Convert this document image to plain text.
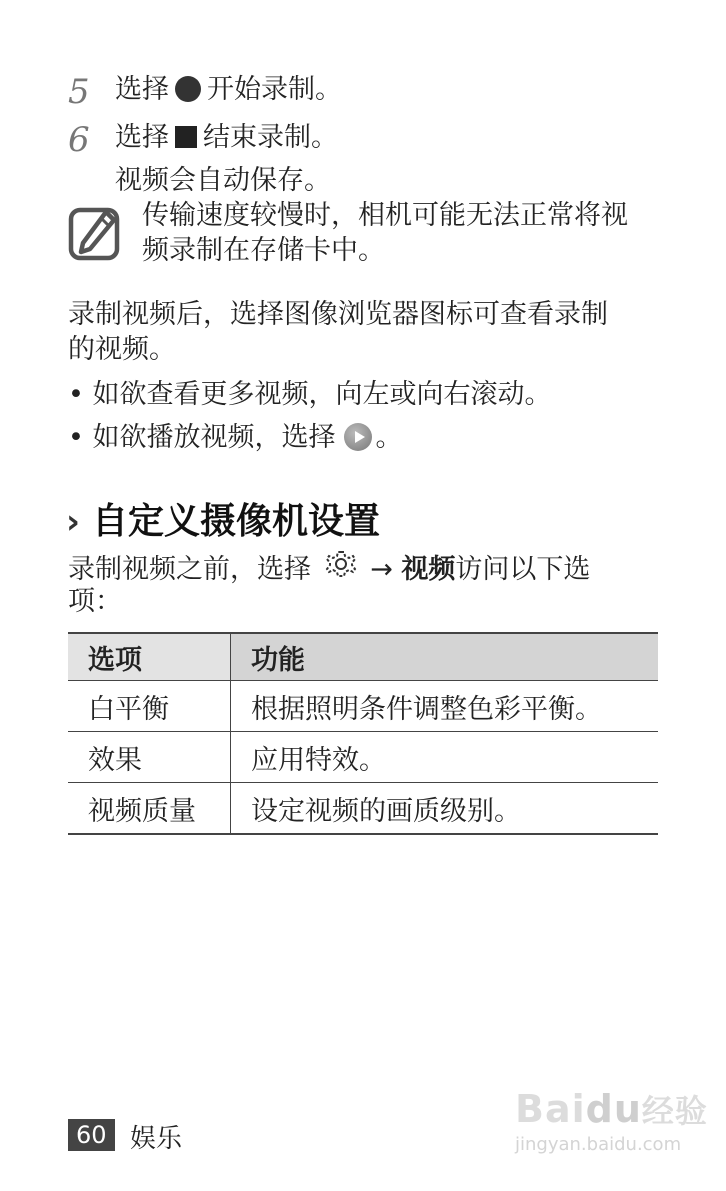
5 选择 开始录制。
6 选择 结束录制。
视频会自动保存。
传输速度较慢时，相机可能无法正常将视
频录制在存储卡中。
录制视频后，选择图像浏览器图标可查看录制
的视频。
• 如欲查看更多视频，向左或向右滚动。
• 如欲播放视频，选择 。
› 自定义摄像机设置
录制视频之前，选择 → 视频访问以下选
项：
选项	功能
白平衡	根据照明条件调整色彩平衡。
效果	应用特效。
视频质量	设定视频的画质级别。
60 娱乐
Baidu经验
jingyan.baidu.com
